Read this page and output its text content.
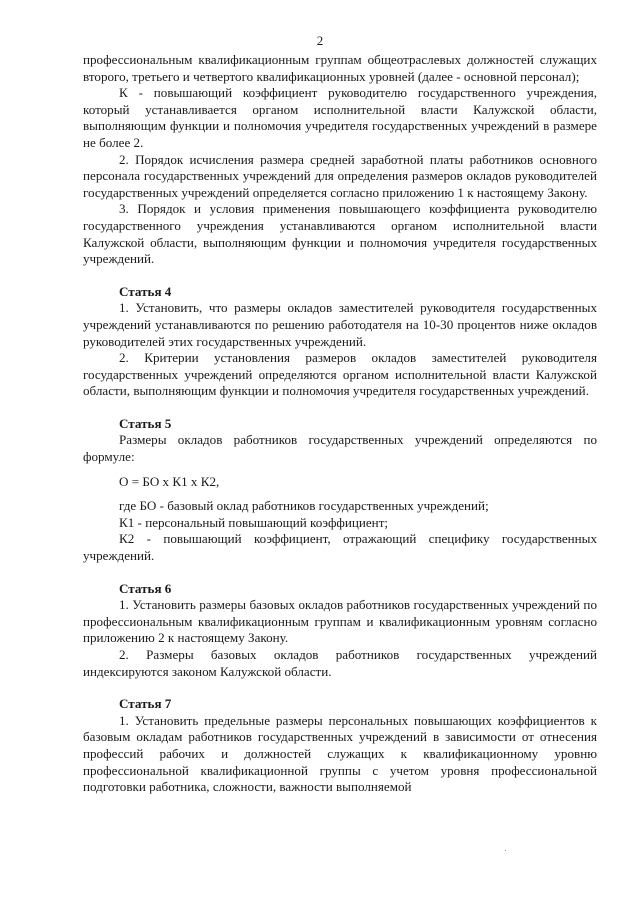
2

профессиональным квалификационным группам общеотраслевых должностей служащих второго, третьего и четвертого квалификационных уровней (далее - основной персонал);

К - повышающий коэффициент руководителю государственного учреждения, который устанавливается органом исполнительной власти Калужской области, выполняющим функции и полномочия учредителя государственных учреждений в размере не более 2.

2. Порядок исчисления размера средней заработной платы работников основного персонала государственных учреждений для определения размеров окладов руководителей государственных учреждений определяется согласно приложению 1 к настоящему Закону.

3. Порядок и условия применения повышающего коэффициента руководителю государственного учреждения устанавливаются органом исполнительной власти Калужской области, выполняющим функции и полномочия учредителя государственных учреждений.

Статья 4

1. Установить, что размеры окладов заместителей руководителя государственных учреждений устанавливаются по решению работодателя на 10-30 процентов ниже окладов руководителей этих государственных учреждений.

2. Критерии установления размеров окладов заместителей руководителя государственных учреждений определяются органом исполнительной власти Калужской области, выполняющим функции и полномочия учредителя государственных учреждений.

Статья 5

Размеры окладов работников государственных учреждений определяются по формуле:

О = БО х К1 х К2,

где БО - базовый оклад работников государственных учреждений;

К1 - персональный повышающий коэффициент;

К2 - повышающий коэффициент, отражающий специфику государственных учреждений.

Статья 6

1. Установить размеры базовых окладов работников государственных учреждений по профессиональным квалификационным группам и квалификационным уровням согласно приложению 2 к настоящему Закону.

2. Размеры базовых окладов работников государственных учреждений индексируются законом Калужской области.

Статья 7

1. Установить предельные размеры персональных повышающих коэффициентов к базовым окладам работников государственных учреждений в зависимости от отнесения профессий рабочих и должностей служащих к квалификационному уровню профессиональной квалификационной группы с учетом уровня профессиональной подготовки работника, сложности, важности выполняемой
